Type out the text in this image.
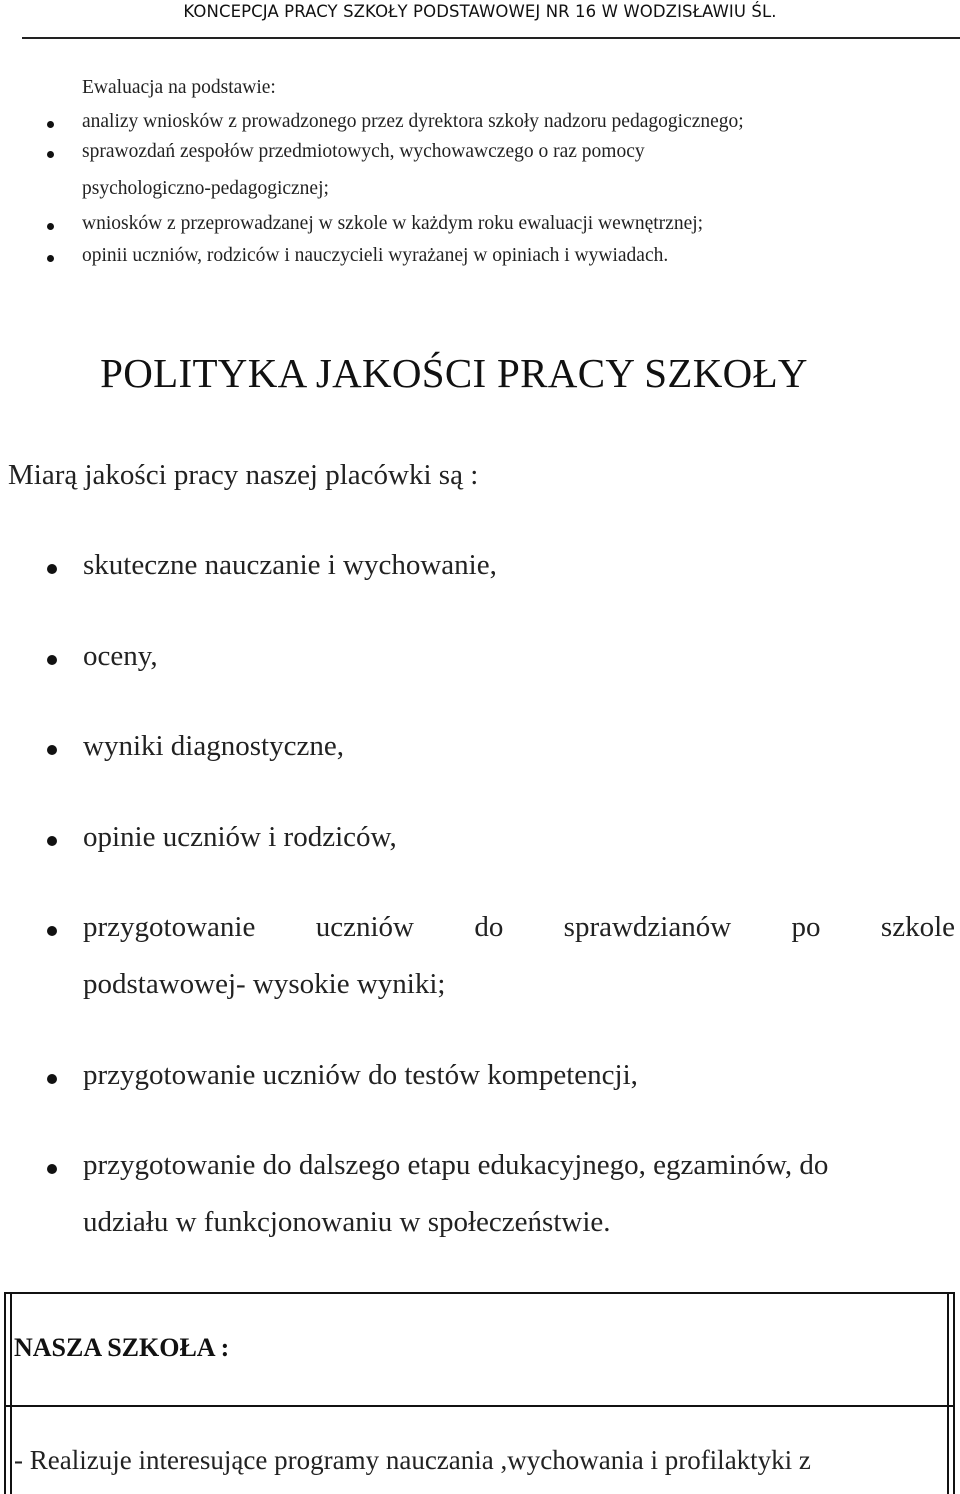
KONCEPCJA PRACY SZKOŁY PODSTAWOWEJ NR 16 W WODZISŁAWIU ŚL.
Ewaluacja na podstawie:
analizy wniosków z prowadzonego przez dyrektora szkoły nadzoru pedagogicznego;
sprawozdań zespołów przedmiotowych, wychowawczego o raz pomocy
psychologiczno-pedagogicznej;
wniosków z przeprowadzanej w szkole w każdym roku ewaluacji wewnętrznej;
opinii uczniów, rodziców i nauczycieli wyrażanej w opiniach i wywiadach.
POLITYKA JAKOŚCI PRACY SZKOŁY
Miarą jakości pracy naszej placówki są :
skuteczne nauczanie i wychowanie,
oceny,
wyniki diagnostyczne,
opinie uczniów i rodziców,
przygotowanie uczniów do sprawdzianów po szkole
podstawowej- wysokie wyniki;
przygotowanie uczniów do testów kompetencji,
przygotowanie do dalszego etapu edukacyjnego, egzaminów, do
udziału w funkcjonowaniu w społeczeństwie.
NASZA SZKOŁA :
- Realizuje interesujące programy nauczania ,wychowania i profilaktyki z
